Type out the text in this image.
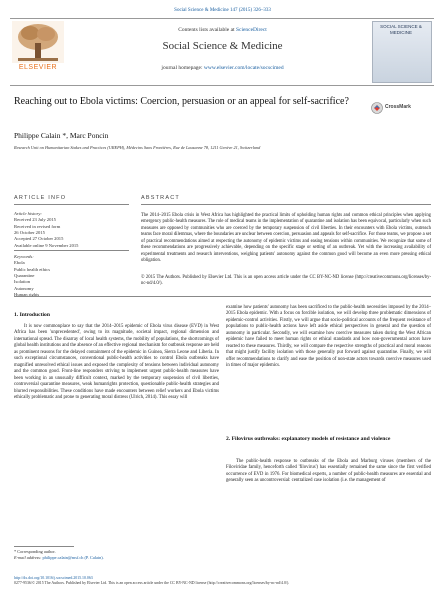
Social Science & Medicine 147 (2015) 326–333
ELSEVIER
Contents lists available at ScienceDirect
Social Science & Medicine
journal homepage: www.elsevier.com/locate/socscimed
SOCIAL SCIENCE & MEDICINE
Reaching out to Ebola victims: Coercion, persuasion or an appeal for self-sacrifice?	CrossMark
Philippe Calain *, Marc Poncin
Research Unit on Humanitarian Stakes and Practices (UREPH), Médecins Sans Frontières, Rue de Lausanne 78, 1211 Genève 21, Switzerland
ARTICLE INFO	ABSTRACT
Article history:
Received 23 July 2015
Received in revised form
26 October 2015
Accepted 27 October 2015
Available online 9 November 2015
Keywords:
Ebola
Public health ethics
Quarantine
Isolation
Autonomy
Human rights
The 2014–2015 Ebola crisis in West Africa has highlighted the practical limits of upholding human rights and common ethical principles when applying emergency public-health measures. The role of medical teams in the implementation of quarantine and isolation has been equivocal, particularly when such measures are opposed by communities who are coerced by the temporary suspension of civil liberties. In their encounters with Ebola victims, outreach teams face moral dilemmas, where the boundaries are unclear between coercion, persuasion and appeals for self-sacrifice. For those teams, we propose a set of practical recommendations aimed at respecting the autonomy of epidemic victims and easing tensions within communities. We recognize that some of these recommendations are progressively achievable, depending on the specific stage or setting of an outbreak. Yet with the increasing availability of experimental treatments and research interventions, weighing patients' autonomy against the common good will become an even more pressing ethical obligation.
© 2015 The Authors. Published by Elsevier Ltd. This is an open access article under the CC BY-NC-ND license (http://creativecommons.org/licenses/by-nc-nd/4.0/).
1. Introduction
It is now commonplace to say that the 2014–2015 epidemic of Ebola virus disease (EVD) in West Africa has been 'unprecedented', owing to its magnitude, societal impact, regional dimension and international spread. The disarray of local health systems, the mobility of populations, the shortcomings of global health institutions and the absence of an effective regional mechanism for outbreak response are held as prominent reasons for the delayed containment of the epidemic in Guinea, Sierra Leone and Liberia. In such exceptional circumstances, conventional public-health activities to control Ebola outbreaks have magnified unresolved ethical issues and exposed the complexity of tensions between individual autonomy and the common good. Front-line responders striving to implement urgent public-health measures have been working in an unusually difficult context, marked by the temporary suspension of civil liberties, controversial quarantine measures, weak humanrights protection, questionable public-health strategies and blurred responsibilities. These conditions have made encounters between relief workers and Ebola victims ethically problematic and prone to generating moral distress (Ulrich, 2014). This essay will
examine how patients' autonomy has been sacrificed to the public-health necessities imposed by the 2014–2015 Ebola epidemic. With a focus on forcible isolation, we will develop three problematic dimensions of epidemic-control activities. Firstly, we will argue that socio-political accounts of the frequent resistance of populations to public-health actions have left aside ethical perspectives in general and the question of autonomy in particular. Secondly, we will examine how coercive measures taken during the West African epidemic have failed to meet human rights or ethical standards and how non-governmental actors have reacted to these measures. Thirdly, we will compare the respective strengths of practical and moral reasons that might justify facility isolation with those generally put forward against quarantine. Finally, we will offer recommendations to clarify and ease the position of non-state actors towards coercive measures used in times of major epidemics.
2. Filovirus outbreaks: explanatory models of resistance and violence
The public-health response to outbreaks of the Ebola and Marburg viruses (members of the Filoviridae family, henceforth called 'filovirus') has essentially remained the same since the first verified occurrence of EVD in 1976. For biomedical experts, a number of public-health measures are essential and generally seen as uncontroversial: centralized case isolation (i.e. the management of
* Corresponding author.
E-mail address: philippe.calain@msf.ch (P. Calain).
http://dx.doi.org/10.1016/j.socscimed.2015.10.063
0277-9536/© 2015 The Authors. Published by Elsevier Ltd. This is an open access article under the CC BY-NC-ND license (http://creativecommons.org/licenses/by-nc-nd/4.0/).
